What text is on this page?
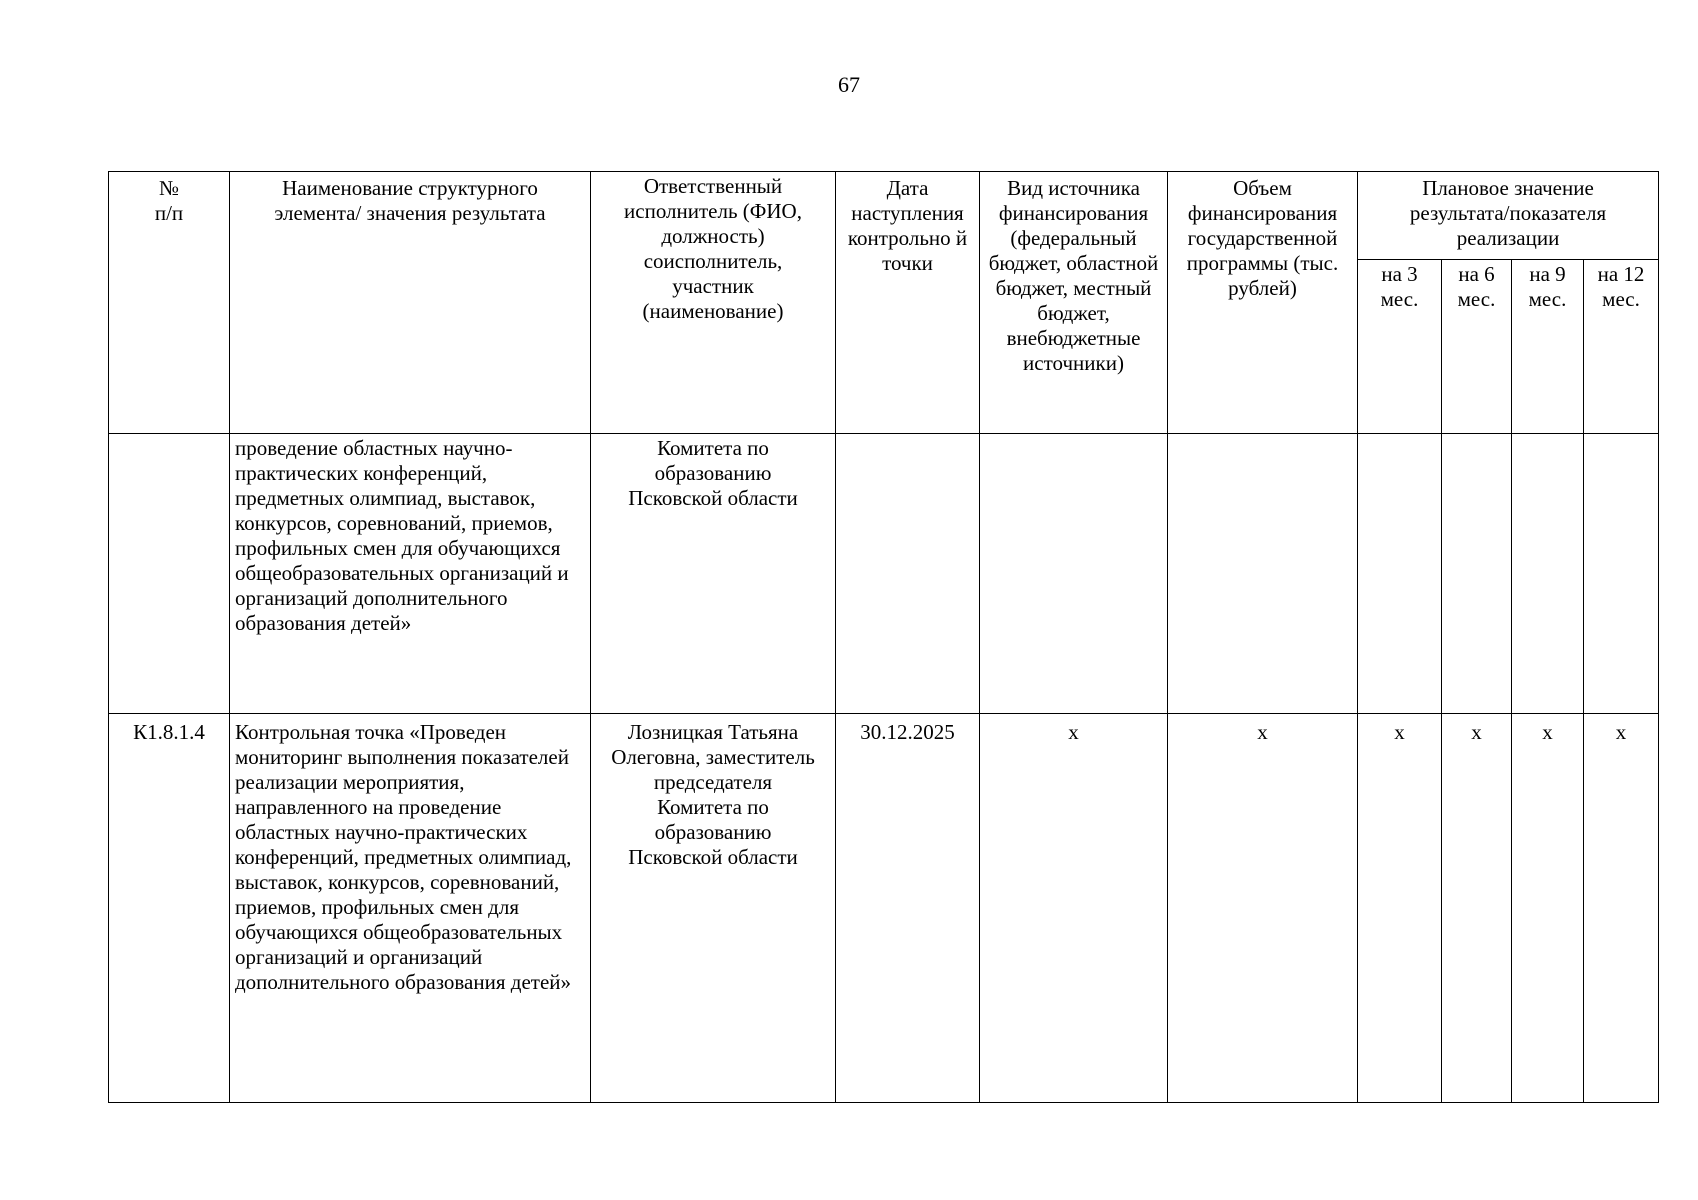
67
№
п/п	Наименование структурного элемента/ значения результата	Ответственный исполнитель (ФИО, должность) соисполнитель, участник (наименование)	Дата наступления контрольно й точки	Вид источника финансирования (федеральный бюджет, областной бюджет, местный бюджет, внебюджетные источники)	Объем финансирования государственной программы (тыс. рублей)	Плановое значение результата/показателя реализации			
						на 3 мес.	на 6 мес.	на 9 мес.	на 12 мес.
	проведение областных научно-практических конференций, предметных олимпиад, выставок, конкурсов, соревнований, приемов, профильных смен для обучающихся общеобразовательных организаций и организаций дополнительного образования детей»	Комитета по образованию Псковской области							
К1.8.1.4	Контрольная точка «Проведен мониторинг выполнения показателей реализации мероприятия, направленного на проведение областных научно-практических конференций, предметных олимпиад, выставок, конкурсов, соревнований, приемов, профильных смен для обучающихся общеобразовательных организаций и организаций дополнительного образования детей»	Лозницкая Татьяна Олеговна, заместитель председателя Комитета по образованию Псковской области	30.12.2025	x	x	x	x	x	x
